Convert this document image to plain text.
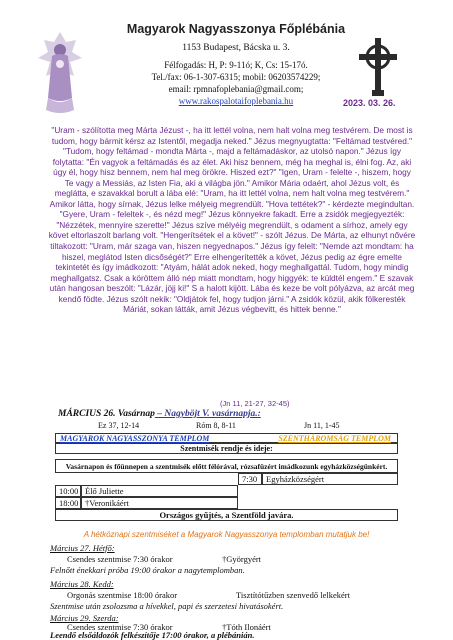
Magyarok Nagyasszonya Főplébánia
1153 Budapest, Bácska u. 3.
Félfogadás: H, P: 9-11ó; K, Cs: 15-17ó.
Tel./fax: 06-1-307-6315; mobil: 06203574229;
email: rpmnafoplebania@gmail.com;
www.rakospalotaifoplebania.hu	2023. 03. 26.
"Uram - szólította meg Márta Jézust -, ha itt lettél volna, nem halt volna meg testvérem. De most is tudom, hogy bármit kérsz az Istentől, megadja neked." Jézus megnyugtatta: "Feltámad testvéred." "Tudom, hogy feltámad - mondta Márta -, majd a feltámadáskor, az utolsó napon." Jézus így folytatta: "Én vagyok a feltámadás és az élet. Aki hisz bennem, még ha meghal is, élni fog. Az, aki úgy él, hogy hisz bennem, nem hal meg örökre. Hiszed ezt?" "Igen, Uram - felelte -, hiszem, hogy Te vagy a Messiás, az Isten Fia, aki a világba jön." Amikor Mária odaért, ahol Jézus volt, és meglátta, e szavakkal borult a lába elé: "Uram, ha itt lettél volna, nem halt volna meg testvérem." Amikor látta, hogy sírnak, Jézus lelke mélyeig megrendült. "Hova tettétek?" - kérdezte megindultan. "Gyere, Uram - feleltek -, és nézd meg!" Jézus könnyekre fakadt. Erre a zsidók megjegyezték: "Nézzétek, mennyire szerette!" Jézus szíve mélyéig megrendült, s odament a sírhoz, amely egy követ eltorlaszolt barlang volt. "Hengerítsétek el a követ!" - szólt Jézus. De Márta, az elhunyt nővére tiltakozott: "Uram, már szaga van, hiszen negyednapos." Jézus így felelt: "Nemde azt mondtam: ha hiszel, meglátod Isten dicsőségét?" Erre elhengerítették a követ, Jézus pedig az égre emelte tekintetét és így imádkozott: "Atyám, hálát adok neked, hogy meghallgattál. Tudom, hogy mindig meghallgatsz. Csak a köröttem álló nép miatt mondtam, hogy higgyék: te küldtél engem." E szavak után hangosan beszólt: "Lázár, jöjj ki!" S a halott kijött. Lába és keze be volt pólyázva, az arcát meg kendő födte. Jézus szólt nekik: "Oldjátok fel, hogy tudjon járni." A zsidók közül, akik fölkeresték Máriát, sokan látták, amit Jézus végbevitt, és hittek benne."
(Jn 11, 21-27, 32-45)
MÁRCIUS 26. Vasárnap – Nagyböjt V. vasárnapja.:
Ez 37, 12-14	Róm 8, 8-11	Jn 11, 1-45
MAGYAROK NAGYASSZONYA TEMPLOM	SZENTHÁROMSÁG TEMPLOM
Szentmisék rendje és ideje:
Vasárnapon és főünnepen a szentmisék előtt félórával, rózsafüzért imádkozunk egyházközségünkért.
7:30	Egyházközségért
10:00 Élő Juliette
18:00 †Veronikáért
Országos gyűjtés, a Szentföld javára.
A hétköznapi szentmiséket a Magyarok Nagyasszonya templomban mutatjuk be!
Március 27. Hétfő:
Csendes szentmise 7:30 órakor	†Györgyért
Felnőtt énekkari próba 19:00 órakor a nagytemplomban.
Március 28. Kedd:
Orgonás szentmise 18:00 órakor	Tisztítótűzben szenvedő lelkekért
Szentmise után zsolozsma a hívekkel, papi és szerzetesi hivatásokért.
Március 29. Szerda:
Csendes szentmise 7:30 órakor	†Tóth Ilonáért
Leendő elsőáldozók felkészítője 17:00 órakor, a plébánián.
